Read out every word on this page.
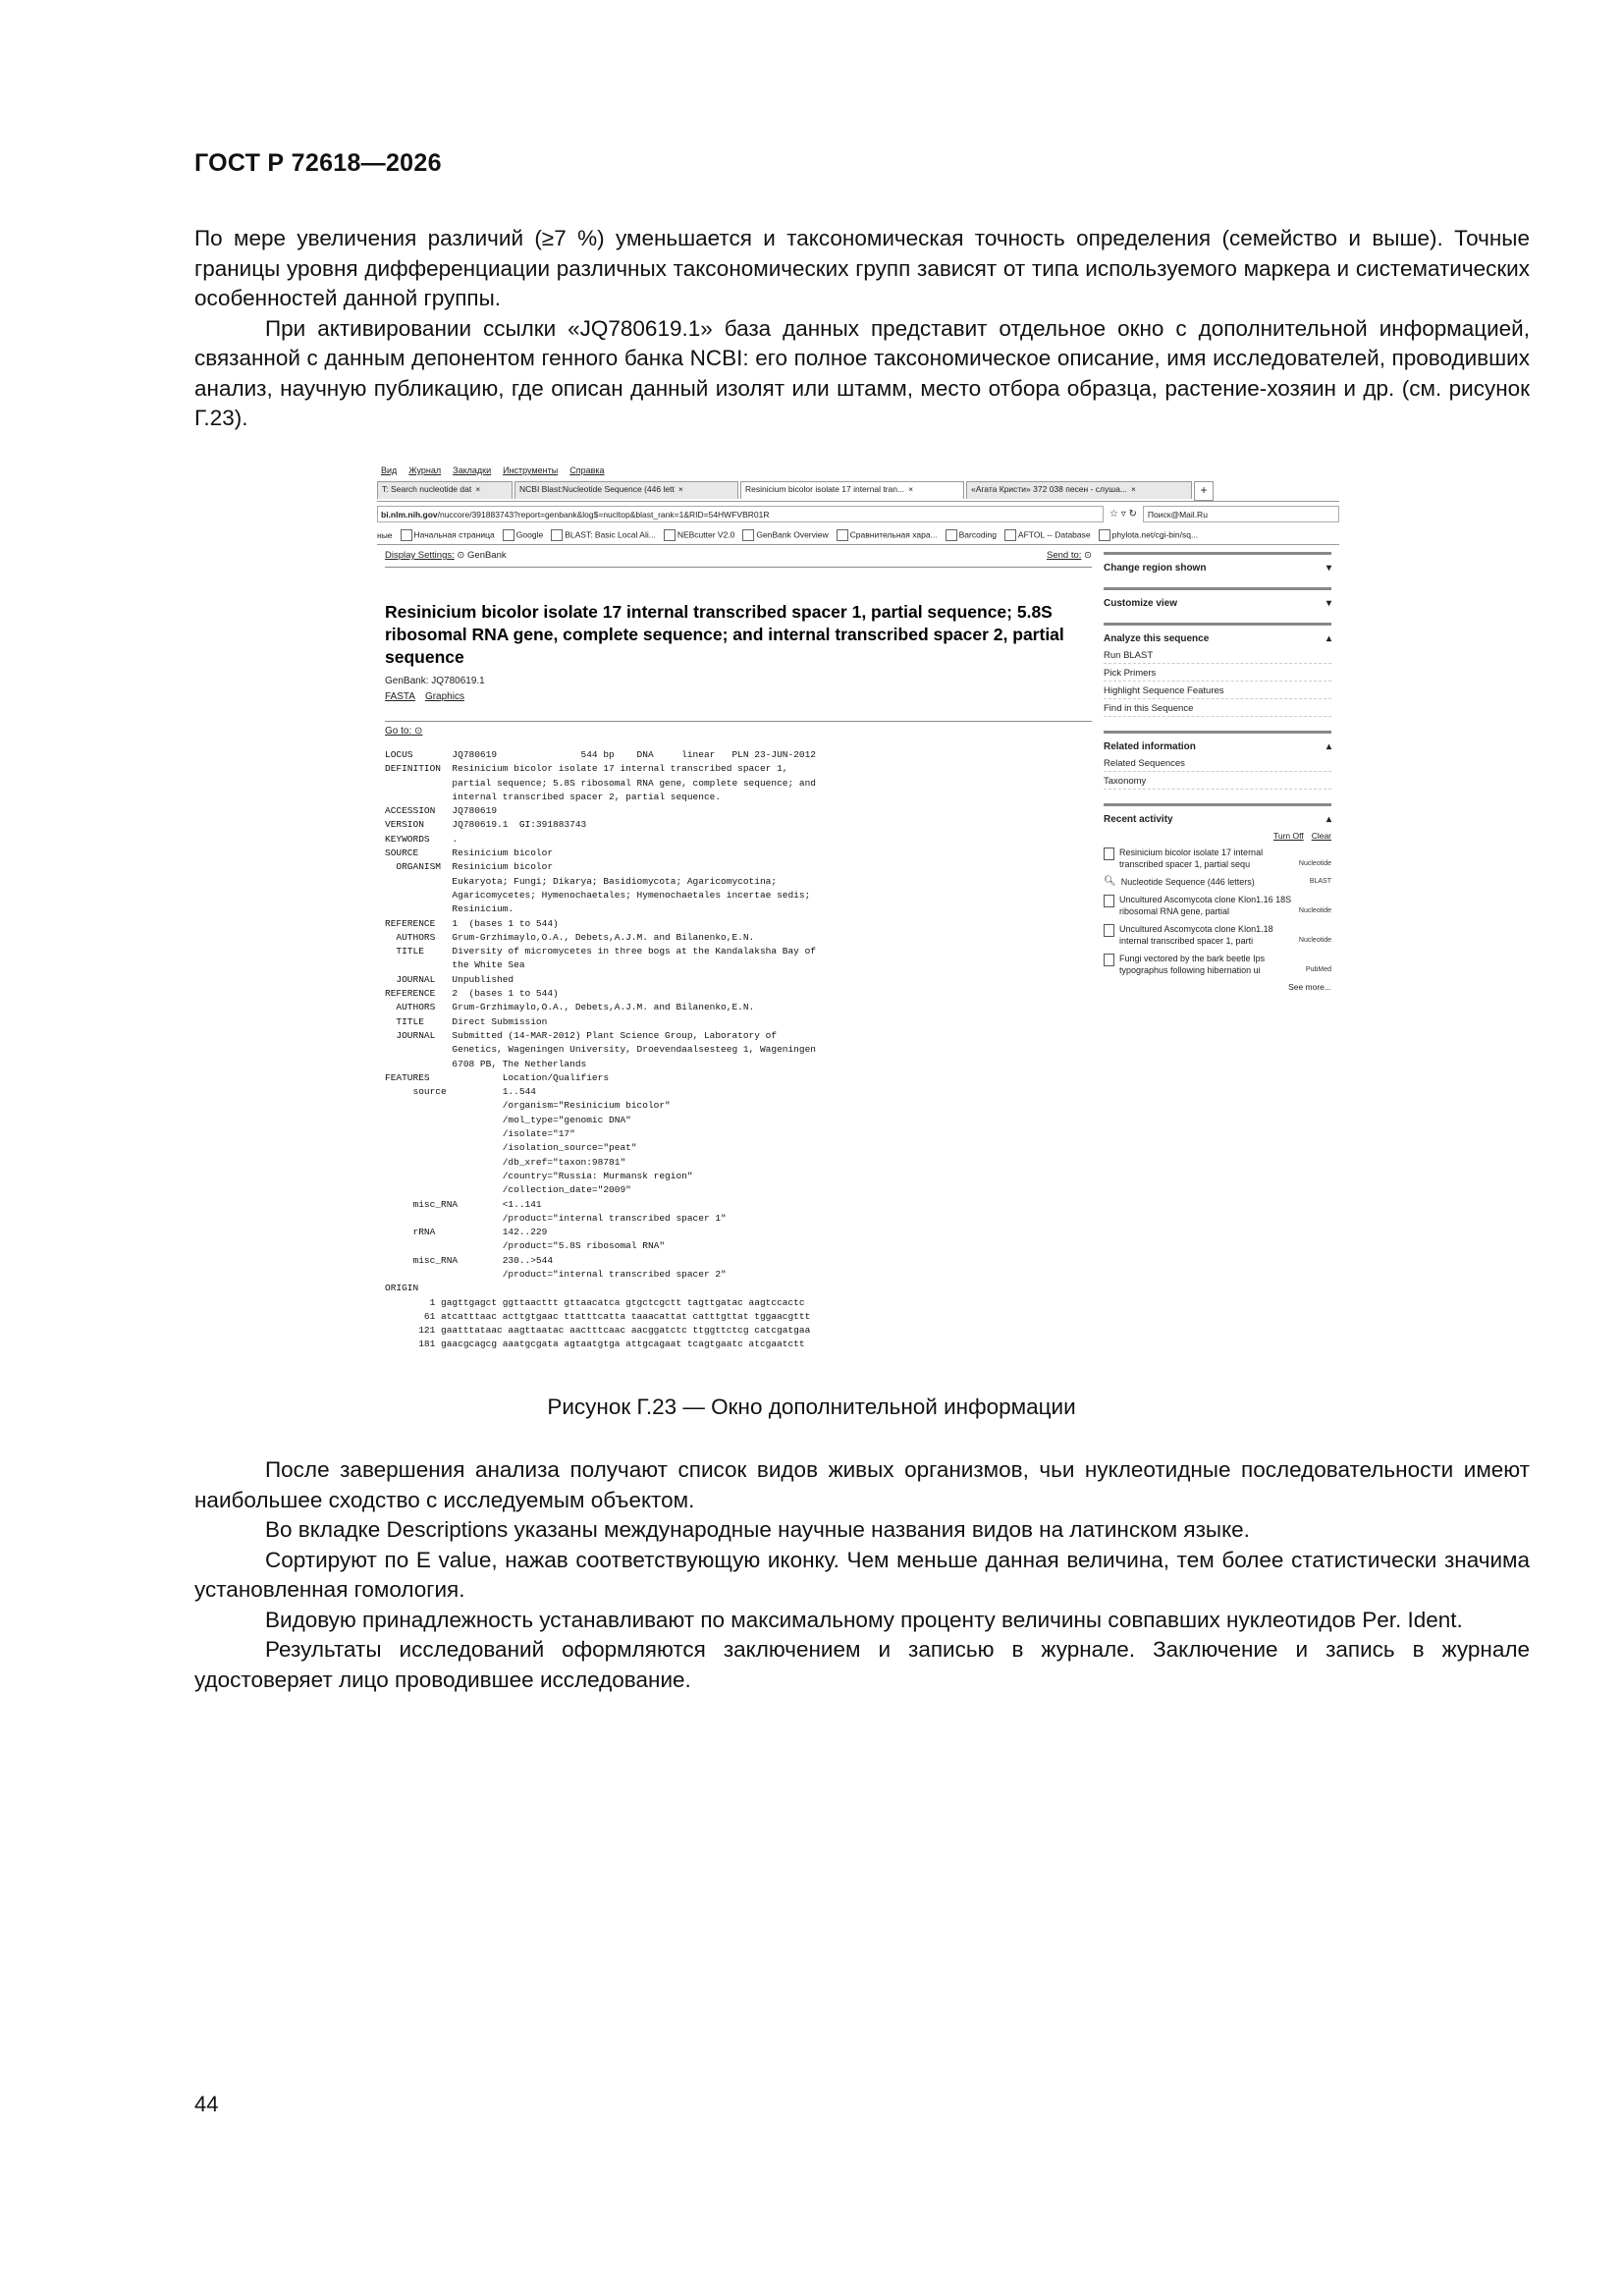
ГОСТ Р 72618—2026

По мере увеличения различий (≥7 %) уменьшается и таксономическая точность определения (семейство и выше). Точные границы уровня дифференциации различных таксономических групп зависят от типа используемого маркера и систематических особенностей данной группы.

При активировании ссылки «JQ780619.1» база данных представит отдельное окно с дополнительной информацией, связанной с данным депонентом генного банка NCBI: его полное таксономическое описание, имя исследователей, проводивших анализ, научную публикацию, где описан данный изолят или штамм, место отбора образца, растение-хозяин и др. (см. рисунок Г.23).

Вид Журнал Закладки Инструменты Справка
T: Search nucleotide dat ×	NCBI Blast:Nucleotide Sequence (446 lett ×	Resinicium bicolor isolate 17 internal tran... ×	«Агата Кристи» 372 038 песен - слуша... ×	+
bi.nlm.nih.gov/nuccore/391883743?report=genbank&log$=nucltop&blast_rank=1&RID=54HWFVBR01R	☆ ▿ ↻	Поиск@Mail.Ru
ные	Начальная страница	Google	BLAST: Basic Local Ali...	NEBcutter V2.0	GenBank Overview	Сравнительная хара...	Barcoding	AFTOL -- Database	phylota.net/cgi-bin/sq...
Display Settings: ⊙ GenBank	Send to: ⊙
Resinicium bicolor isolate 17 internal transcribed spacer 1, partial sequence; 5.8S ribosomal RNA gene, complete sequence; and internal transcribed spacer 2, partial sequence
GenBank: JQ780619.1
FASTA Graphics
Go to: ⊙
LOCUS       JQ780619               544 bp    DNA     linear   PLN 23-JUN-2012
DEFINITION  Resinicium bicolor isolate 17 internal transcribed spacer 1,
partial sequence; 5.8S ribosomal RNA gene, complete sequence; and
internal transcribed spacer 2, partial sequence.
ACCESSION   JQ780619
VERSION     JQ780619.1  GI:391883743
KEYWORDS    .
SOURCE      Resinicium bicolor
ORGANISM  Resinicium bicolor
Eukaryota; Fungi; Dikarya; Basidiomycota; Agaricomycotina;
Agaricomycetes; Hymenochaetales; Hymenochaetales incertae sedis;
Resinicium.
REFERENCE   1  (bases 1 to 544)
AUTHORS   Grum-Grzhimaylo,O.A., Debets,A.J.M. and Bilanenko,E.N.
TITLE     Diversity of micromycetes in three bogs at the Kandalaksha Bay of
the White Sea
JOURNAL   Unpublished
REFERENCE   2  (bases 1 to 544)
AUTHORS   Grum-Grzhimaylo,O.A., Debets,A.J.M. and Bilanenko,E.N.
TITLE     Direct Submission
JOURNAL   Submitted (14-MAR-2012) Plant Science Group, Laboratory of
Genetics, Wageningen University, Droevendaalsesteeg 1, Wageningen
6708 PB, The Netherlands
FEATURES             Location/Qualifiers
source          1..544
/organism="Resinicium bicolor"
/mol_type="genomic DNA"
/isolate="17"
/isolation_source="peat"
/db_xref="taxon:98781"
/country="Russia: Murmansk region"
/collection_date="2009"
misc_RNA        <1..141
/product="internal transcribed spacer 1"
rRNA            142..229
/product="5.8S ribosomal RNA"
misc_RNA        230..>544
/product="internal transcribed spacer 2"
ORIGIN
1 gagttgagct ggttaacttt gttaacatca gtgctcgctt tagttgatac aagtccactc
61 atcatttaac acttgtgaac ttatttcatta taaacattat catttgttat tggaacgttt
121 gaatttataac aagttaatac aactttcaac aacggatctc ttggttctcg catcgatgaa
181 gaacgcagcg aaatgcgata agtaatgtga attgcagaat tcagtgaatc atcgaatctt
Change region shown	▾
Customize view	▾
Analyze this sequence	▴
Run BLAST
Pick Primers
Highlight Sequence Features
Find in this Sequence
Related information	▴
Related Sequences
Taxonomy
Recent activity	▴
Turn Off Clear
Resinicium bicolor isolate 17 internal transcribed spacer 1, partial sequ	Nucleotide
🔍︎ Nucleotide Sequence (446 letters)	BLAST
Uncultured Ascomycota clone Klon1.16 18S ribosomal RNA gene, partial	Nucleotide
Uncultured Ascomycota clone Klon1.18 internal transcribed spacer 1, parti	Nucleotide
Fungi vectored by the bark beetle Ips typographus following hibernation ui	PubMed
See more...
Рисунок Г.23 — Окно дополнительной информации

После завершения анализа получают список видов живых организмов, чьи нуклеотидные последовательности имеют наибольшее сходство с исследуемым объектом.

Во вкладке Descriptions указаны международные научные названия видов на латинском языке.

Сортируют по E value, нажав соответствующую иконку. Чем меньше данная величина, тем более статистически значима установленная гомология.

Видовую принадлежность устанавливают по максимальному проценту величины совпавших нуклеотидов Per. Ident.

Результаты исследований оформляются заключением и записью в журнале. Заключение и запись в журнале удостоверяет лицо проводившее исследование.

44
